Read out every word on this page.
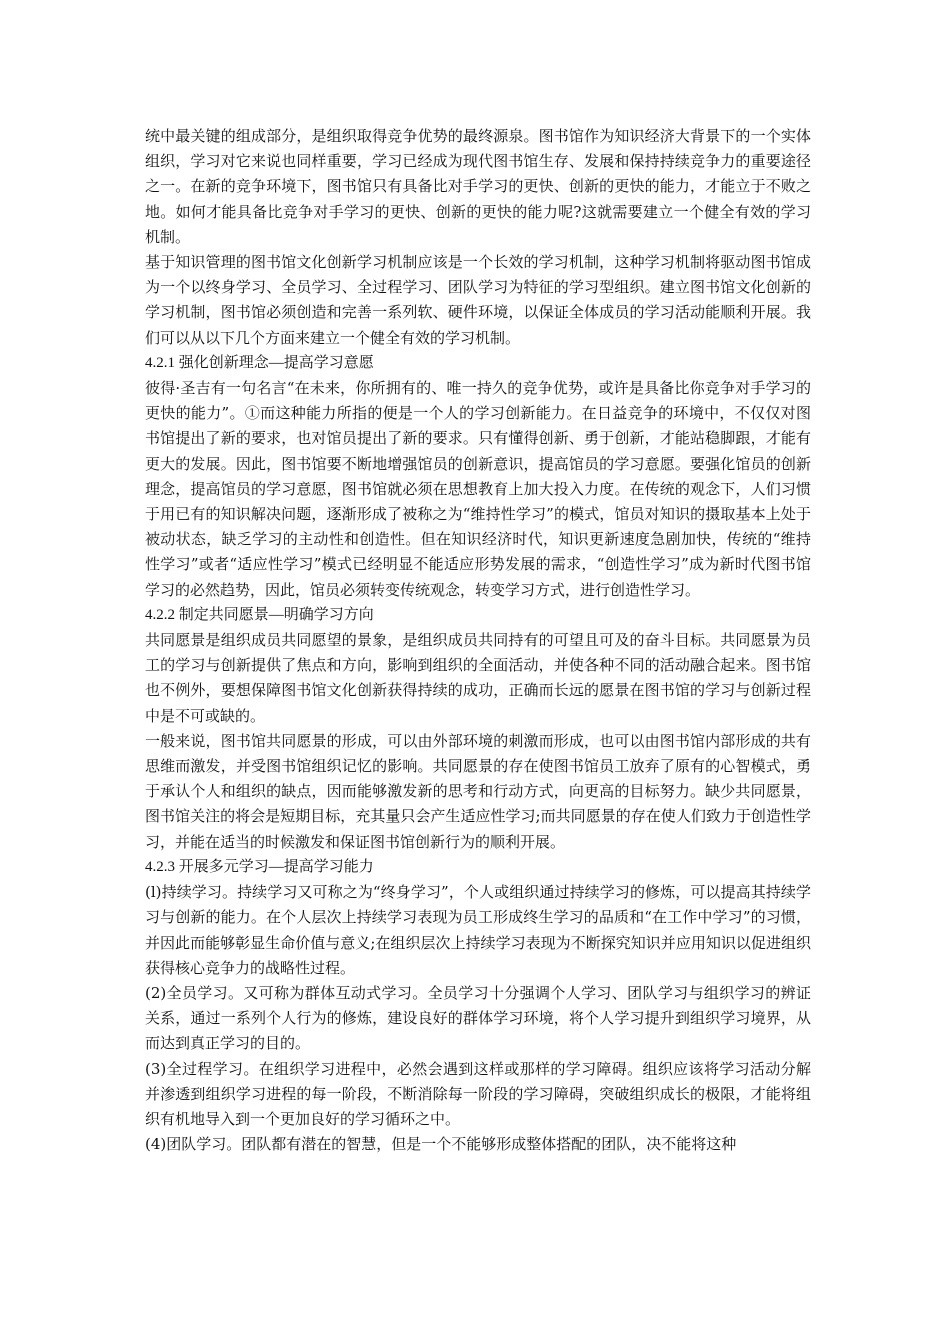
统中最关键的组成部分，是组织取得竞争优势的最终源泉。图书馆作为知识经济大背景下的一个实体组织，学习对它来说也同样重要，学习已经成为现代图书馆生存、发展和保持持续竞争力的重要途径之一。在新的竞争环境下，图书馆只有具备比对手学习的更快、创新的更快的能力，才能立于不败之地。如何才能具备比竞争对手学习的更快、创新的更快的能力呢?这就需要建立一个健全有效的学习机制。

基于知识管理的图书馆文化创新学习机制应该是一个长效的学习机制，这种学习机制将驱动图书馆成为一个以终身学习、全员学习、全过程学习、团队学习为特征的学习型组织。建立图书馆文化创新的学习机制，图书馆必须创造和完善一系列软、硬件环境，以保证全体成员的学习活动能顺利开展。我们可以从以下几个方面来建立一个健全有效的学习机制。

4.2.1 强化创新理念—提高学习意愿

彼得·圣吉有一句名言“在未来，你所拥有的、唯一持久的竞争优势，或许是具备比你竞争对手学习的更快的能力”。①而这种能力所指的便是一个人的学习创新能力。在日益竞争的环境中，不仅仅对图书馆提出了新的要求，也对馆员提出了新的要求。只有懂得创新、勇于创新，才能站稳脚跟，才能有更大的发展。因此，图书馆要不断地增强馆员的创新意识，提高馆员的学习意愿。要强化馆员的创新理念，提高馆员的学习意愿，图书馆就必须在思想教育上加大投入力度。在传统的观念下，人们习惯于用已有的知识解决问题，逐渐形成了被称之为“维持性学习”的模式，馆员对知识的摄取基本上处于被动状态，缺乏学习的主动性和创造性。但在知识经济时代，知识更新速度急剧加快，传统的“维持性学习”或者“适应性学习”模式已经明显不能适应形势发展的需求，“创造性学习”成为新时代图书馆学习的必然趋势，因此，馆员必须转变传统观念，转变学习方式，进行创造性学习。

4.2.2 制定共同愿景—明确学习方向

共同愿景是组织成员共同愿望的景象，是组织成员共同持有的可望且可及的奋斗目标。共同愿景为员工的学习与创新提供了焦点和方向，影响到组织的全面活动，并使各种不同的活动融合起来。图书馆也不例外，要想保障图书馆文化创新获得持续的成功，正确而长远的愿景在图书馆的学习与创新过程中是不可或缺的。

一般来说，图书馆共同愿景的形成，可以由外部环境的刺激而形成，也可以由图书馆内部形成的共有思维而激发，并受图书馆组织记忆的影响。共同愿景的存在使图书馆员工放弃了原有的心智模式，勇于承认个人和组织的缺点，因而能够激发新的思考和行动方式，向更高的目标努力。缺少共同愿景，图书馆关注的将会是短期目标，充其量只会产生适应性学习;而共同愿景的存在使人们致力于创造性学习，并能在适当的时候激发和保证图书馆创新行为的顺利开展。

4.2.3 开展多元学习—提高学习能力

(l)持续学习。持续学习又可称之为“终身学习”，个人或组织通过持续学习的修炼，可以提高其持续学习与创新的能力。在个人层次上持续学习表现为员工形成终生学习的品质和“在工作中学习”的习惯，并因此而能够彰显生命价值与意义;在组织层次上持续学习表现为不断探究知识并应用知识以促进组织获得核心竞争力的战略性过程。

(2)全员学习。又可称为群体互动式学习。全员学习十分强调个人学习、团队学习与组织学习的辨证关系，通过一系列个人行为的修炼，建设良好的群体学习环境，将个人学习提升到组织学习境界，从而达到真正学习的目的。

(3)全过程学习。在组织学习进程中，必然会遇到这样或那样的学习障碍。组织应该将学习活动分解并渗透到组织学习进程的每一阶段，不断消除每一阶段的学习障碍，突破组织成长的极限，才能将组织有机地导入到一个更加良好的学习循环之中。

(4)团队学习。团队都有潜在的智慧，但是一个不能够形成整体搭配的团队，决不能将这种
